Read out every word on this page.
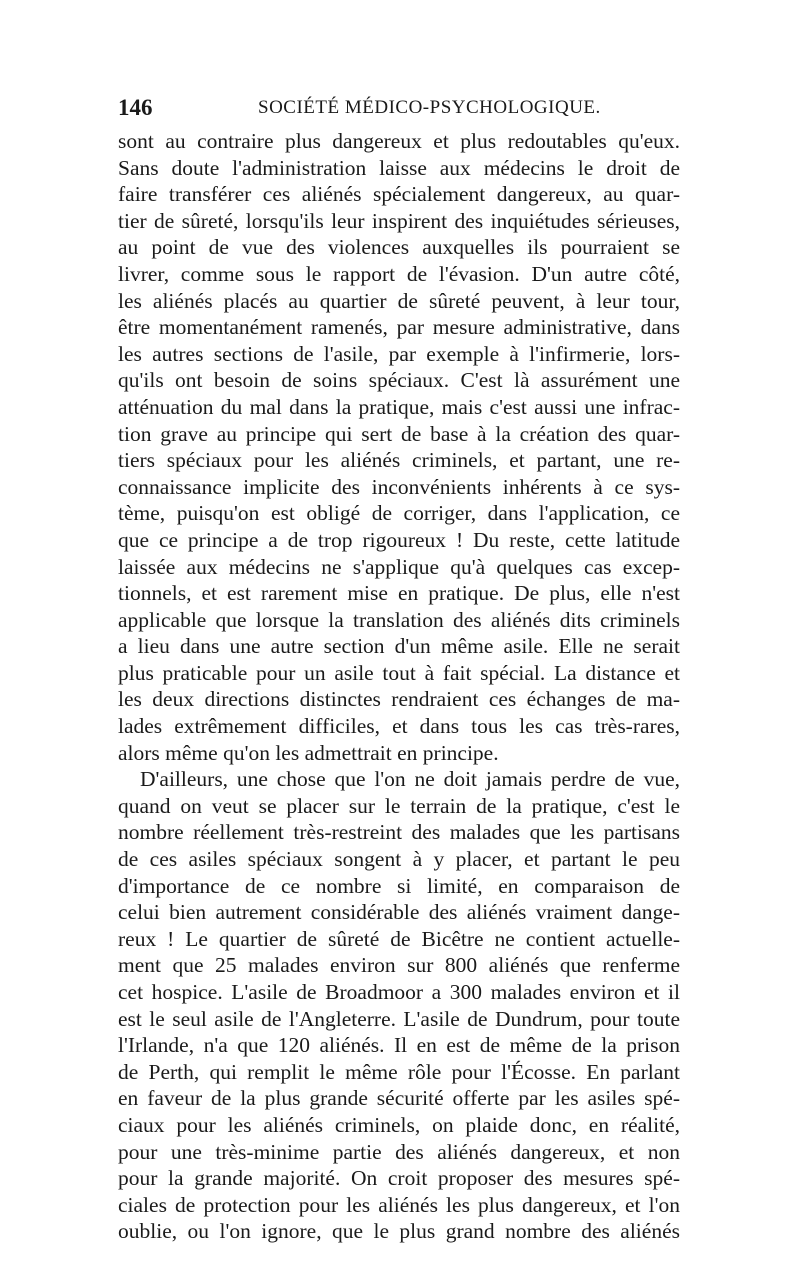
146	SOCIÉTÉ MÉDICO-PSYCHOLOGIQUE.

sont au contraire plus dangereux et plus redoutables qu'eux.
Sans doute l'administration laisse aux médecins le droit de
faire transférer ces aliénés spécialement dangereux, au quar-
tier de sûreté, lorsqu'ils leur inspirent des inquiétudes sérieuses,
au point de vue des violences auxquelles ils pourraient se
livrer, comme sous le rapport de l'évasion. D'un autre côté,
les aliénés placés au quartier de sûreté peuvent, à leur tour,
être momentanément ramenés, par mesure administrative, dans
les autres sections de l'asile, par exemple à l'infirmerie, lors-
qu'ils ont besoin de soins spéciaux. C'est là assurément une
atténuation du mal dans la pratique, mais c'est aussi une infrac-
tion grave au principe qui sert de base à la création des quar-
tiers spéciaux pour les aliénés criminels, et partant, une re-
connaissance implicite des inconvénients inhérents à ce sys-
tème, puisqu'on est obligé de corriger, dans l'application, ce
que ce principe a de trop rigoureux ! Du reste, cette latitude
laissée aux médecins ne s'applique qu'à quelques cas excep-
tionnels, et est rarement mise en pratique. De plus, elle n'est
applicable que lorsque la translation des aliénés dits criminels
a lieu dans une autre section d'un même asile. Elle ne serait
plus praticable pour un asile tout à fait spécial. La distance et
les deux directions distinctes rendraient ces échanges de ma-
lades extrêmement difficiles, et dans tous les cas très-rares,
alors même qu'on les admettrait en principe.

D'ailleurs, une chose que l'on ne doit jamais perdre de vue,
quand on veut se placer sur le terrain de la pratique, c'est le
nombre réellement très-restreint des malades que les partisans
de ces asiles spéciaux songent à y placer, et partant le peu
d'importance de ce nombre si limité, en comparaison de
celui bien autrement considérable des aliénés vraiment dange-
reux ! Le quartier de sûreté de Bicêtre ne contient actuelle-
ment que 25 malades environ sur 800 aliénés que renferme
cet hospice. L'asile de Broadmoor a 300 malades environ et il
est le seul asile de l'Angleterre. L'asile de Dundrum, pour toute
l'Irlande, n'a que 120 aliénés. Il en est de même de la prison
de Perth, qui remplit le même rôle pour l'Écosse. En parlant
en faveur de la plus grande sécurité offerte par les asiles spé-
ciaux pour les aliénés criminels, on plaide donc, en réalité,
pour une très-minime partie des aliénés dangereux, et non
pour la grande majorité. On croit proposer des mesures spé-
ciales de protection pour les aliénés les plus dangereux, et l'on
oublie, ou l'on ignore, que le plus grand nombre des aliénés
